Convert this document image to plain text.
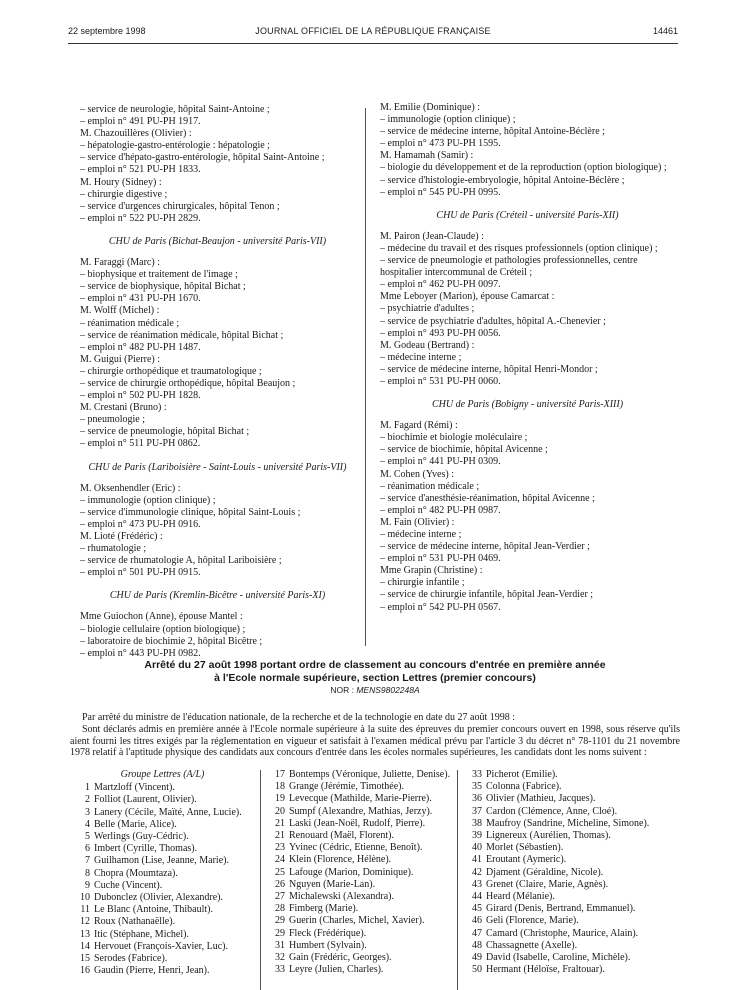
22 septembre 1998	JOURNAL OFFICIEL DE LA RÉPUBLIQUE FRANÇAISE	14461
– service de neurologie, hôpital Saint-Antoine ;
– emploi n° 491 PU-PH 1917.
M. Chazouillères (Olivier) :
– hépatologie-gastro-entérologie : hépatologie ;
– service d'hépato-gastro-entérologie, hôpital Saint-Antoine ;
– emploi n° 521 PU-PH 1833.
M. Houry (Sidney) :
– chirurgie digestive ;
– service d'urgences chirurgicales, hôpital Tenon ;
– emploi n° 522 PU-PH 2829.
CHU de Paris (Bichat-Beaujon - université Paris-VII)
M. Faraggi (Marc) :
– biophysique et traitement de l'image ;
– service de biophysique, hôpital Bichat ;
– emploi n° 431 PU-PH 1670.
M. Wolff (Michel) :
– réanimation médicale ;
– service de réanimation médicale, hôpital Bichat ;
– emploi n° 482 PU-PH 1487.
M. Guigui (Pierre) :
– chirurgie orthopédique et traumatologique ;
– service de chirurgie orthopédique, hôpital Beaujon ;
– emploi n° 502 PU-PH 1828.
M. Crestani (Bruno) :
– pneumologie ;
– service de pneumologie, hôpital Bichat ;
– emploi n° 511 PU-PH 0862.
CHU de Paris (Lariboisière - Saint-Louis - université Paris-VII)
M. Oksenhendler (Eric) :
– immunologie (option clinique) ;
– service d'immunologie clinique, hôpital Saint-Louis ;
– emploi n° 473 PU-PH 0916.
M. Lioté (Frédéric) :
– rhumatologie ;
– service de rhumatologie A, hôpital Lariboisière ;
– emploi n° 501 PU-PH 0915.
CHU de Paris (Kremlin-Bicêtre - université Paris-XI)
Mme Guiochon (Anne), épouse Mantel :
– biologie cellulaire (option biologique) ;
– laboratoire de biochimie 2, hôpital Bicêtre ;
– emploi n° 443 PU-PH 0982.
M. Emilie (Dominique) :
– immunologie (option clinique) ;
– service de médecine interne, hôpital Antoine-Béclère ;
– emploi n° 473 PU-PH 1595.
M. Hamamah (Samir) :
– biologie du développement et de la reproduction (option biologique) ;
– service d'histologie-embryologie, hôpital Antoine-Béclère ;
– emploi n° 545 PU-PH 0995.
CHU de Paris (Créteil - université Paris-XII)
M. Pairon (Jean-Claude) :
– médecine du travail et des risques professionnels (option clinique) ;
– service de pneumologie et pathologies professionnelles, centre hospitalier intercommunal de Créteil ;
– emploi n° 462 PU-PH 0097.
Mme Leboyer (Marion), épouse Camarcat :
– psychiatrie d'adultes ;
– service de psychiatrie d'adultes, hôpital A.-Chenevier ;
– emploi n° 493 PU-PH 0056.
M. Godeau (Bertrand) :
– médecine interne ;
– service de médecine interne, hôpital Henri-Mondor ;
– emploi n° 531 PU-PH 0060.
CHU de Paris (Bobigny - université Paris-XIII)
M. Fagard (Rémi) :
– biochimie et biologie moléculaire ;
– service de biochimie, hôpital Avicenne ;
– emploi n° 441 PU-PH 0309.
M. Cohen (Yves) :
– réanimation médicale ;
– service d'anesthésie-réanimation, hôpital Avicenne ;
– emploi n° 482 PU-PH 0987.
M. Fain (Olivier) :
– médecine interne ;
– service de médecine interne, hôpital Jean-Verdier ;
– emploi n° 531 PU-PH 0469.
Mme Grapin (Christine) :
– chirurgie infantile ;
– service de chirurgie infantile, hôpital Jean-Verdier ;
– emploi n° 542 PU-PH 0567.
Arrêté du 27 août 1998 portant ordre de classement au concours d'entrée en première année
à l'Ecole normale supérieure, section Lettres (premier concours)
NOR : MENS9802248A

Par arrêté du ministre de l'éducation nationale, de la recherche et de la technologie en date du 27 août 1998 :

Sont déclarés admis en première année à l'Ecole normale supérieure à la suite des épreuves du premier concours ouvert en 1998, sous réserve qu'ils aient fourni les titres exigés par la réglementation en vigueur et satisfait à l'examen médical prévu par l'article 3 du décret n° 78-1101 du 21 novembre 1978 relatif à l'aptitude physique des candidats aux concours d'entrée dans les écoles normales supérieures, les candidats dont les noms suivent :

Groupe Lettres (A/L)
1 Martzloff (Vincent).
2 Folliot (Laurent, Olivier).
3 Lanery (Cécile, Maïté, Anne, Lucie).
4 Belle (Marie, Alice).
5 Werlings (Guy-Cédric).
6 Imbert (Cyrille, Thomas).
7 Guilhamon (Lise, Jeanne, Marie).
8 Chopra (Moumtaza).
9 Cuche (Vincent).
10 Dubonclez (Olivier, Alexandre).
11 Le Blanc (Antoine, Thibault).
12 Roux (Nathanaëlle).
13 Itic (Stéphane, Michel).
14 Hervouet (François-Xavier, Luc).
15 Serodes (Fabrice).
16 Gaudin (Pierre, Henri, Jean).
17 Bontemps (Véronique, Juliette, Denise).
18 Grange (Jérémie, Timothée).
19 Levecque (Mathilde, Marie-Pierre).
20 Sumpf (Alexandre, Mathias, Jerzy).
21 Laski (Jean-Noël, Rudolf, Pierre).
21 Renouard (Maël, Florent).
23 Yvinec (Cédric, Etienne, Benoît).
24 Klein (Florence, Hélène).
25 Lafouge (Marion, Dominique).
26 Nguyen (Marie-Lan).
27 Michalewski (Alexandra).
28 Fimberg (Marie).
29 Guerin (Charles, Michel, Xavier).
29 Fleck (Frédérique).
31 Humbert (Sylvain).
32 Gain (Frédéric, Georges).
33 Leyre (Julien, Charles).
33 Picherot (Emilie).
35 Colonna (Fabrice).
36 Olivier (Mathieu, Jacques).
37 Cardon (Clémence, Anne, Cloé).
38 Maufroy (Sandrine, Micheline, Simone).
39 Lignereux (Aurélien, Thomas).
40 Morlet (Sébastien).
41 Eroutant (Aymeric).
42 Djament (Géraldine, Nicole).
43 Grenet (Claire, Marie, Agnès).
44 Heard (Mélanie).
45 Girard (Denis, Bertrand, Emmanuel).
46 Geli (Florence, Marie).
47 Camard (Christophe, Maurice, Alain).
48 Chassagnette (Axelle).
49 David (Isabelle, Caroline, Michèle).
50 Hermant (Héloïse, Fraltouar).
